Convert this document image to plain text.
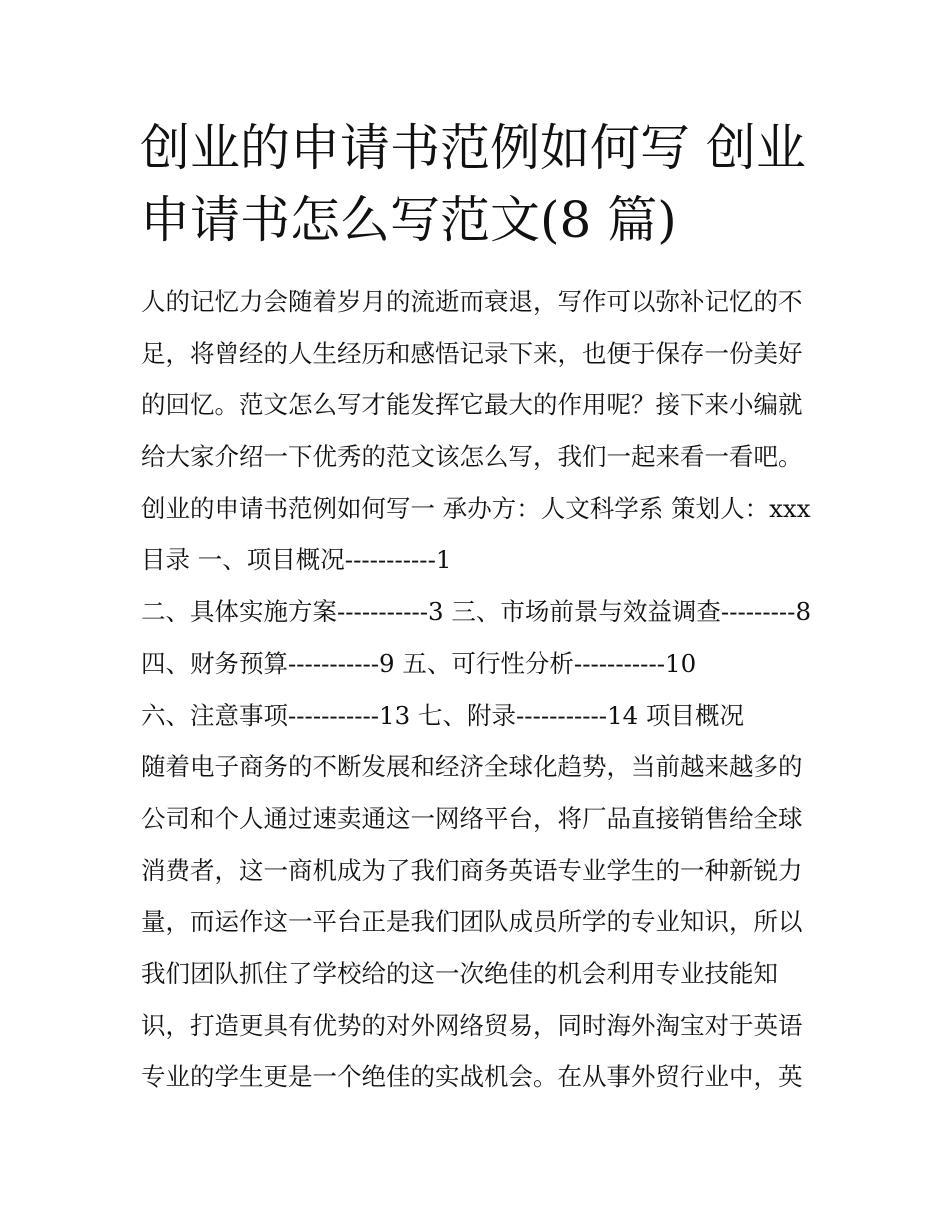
创业的申请书范例如何写 创业
申请书怎么写范文(8 篇)
人的记忆力会随着岁月的流逝而衰退，写作可以弥补记忆的不
足，将曾经的人生经历和感悟记录下来，也便于保存一份美好
的回忆。范文怎么写才能发挥它最大的作用呢？接下来小编就
给大家介绍一下优秀的范文该怎么写，我们一起来看一看吧。
创业的申请书范例如何写一 承办方：人文科学系 策划人：xxx
目录 一、项目概况-----------1
二、具体实施方案-----------3 三、市场前景与效益调查---------8
四、财务预算-----------9 五、可行性分析-----------10
六、注意事项-----------13 七、附录-----------14 项目概况
随着电子商务的不断发展和经济全球化趋势，当前越来越多的
公司和个人通过速卖通这一网络平台，将厂品直接销售给全球
消费者，这一商机成为了我们商务英语专业学生的一种新锐力
量，而运作这一平台正是我们团队成员所学的专业知识，所以
我们团队抓住了学校给的这一次绝佳的机会利用专业技能知
识，打造更具有优势的对外网络贸易，同时海外淘宝对于英语
专业的学生更是一个绝佳的实战机会。在从事外贸行业中，英
